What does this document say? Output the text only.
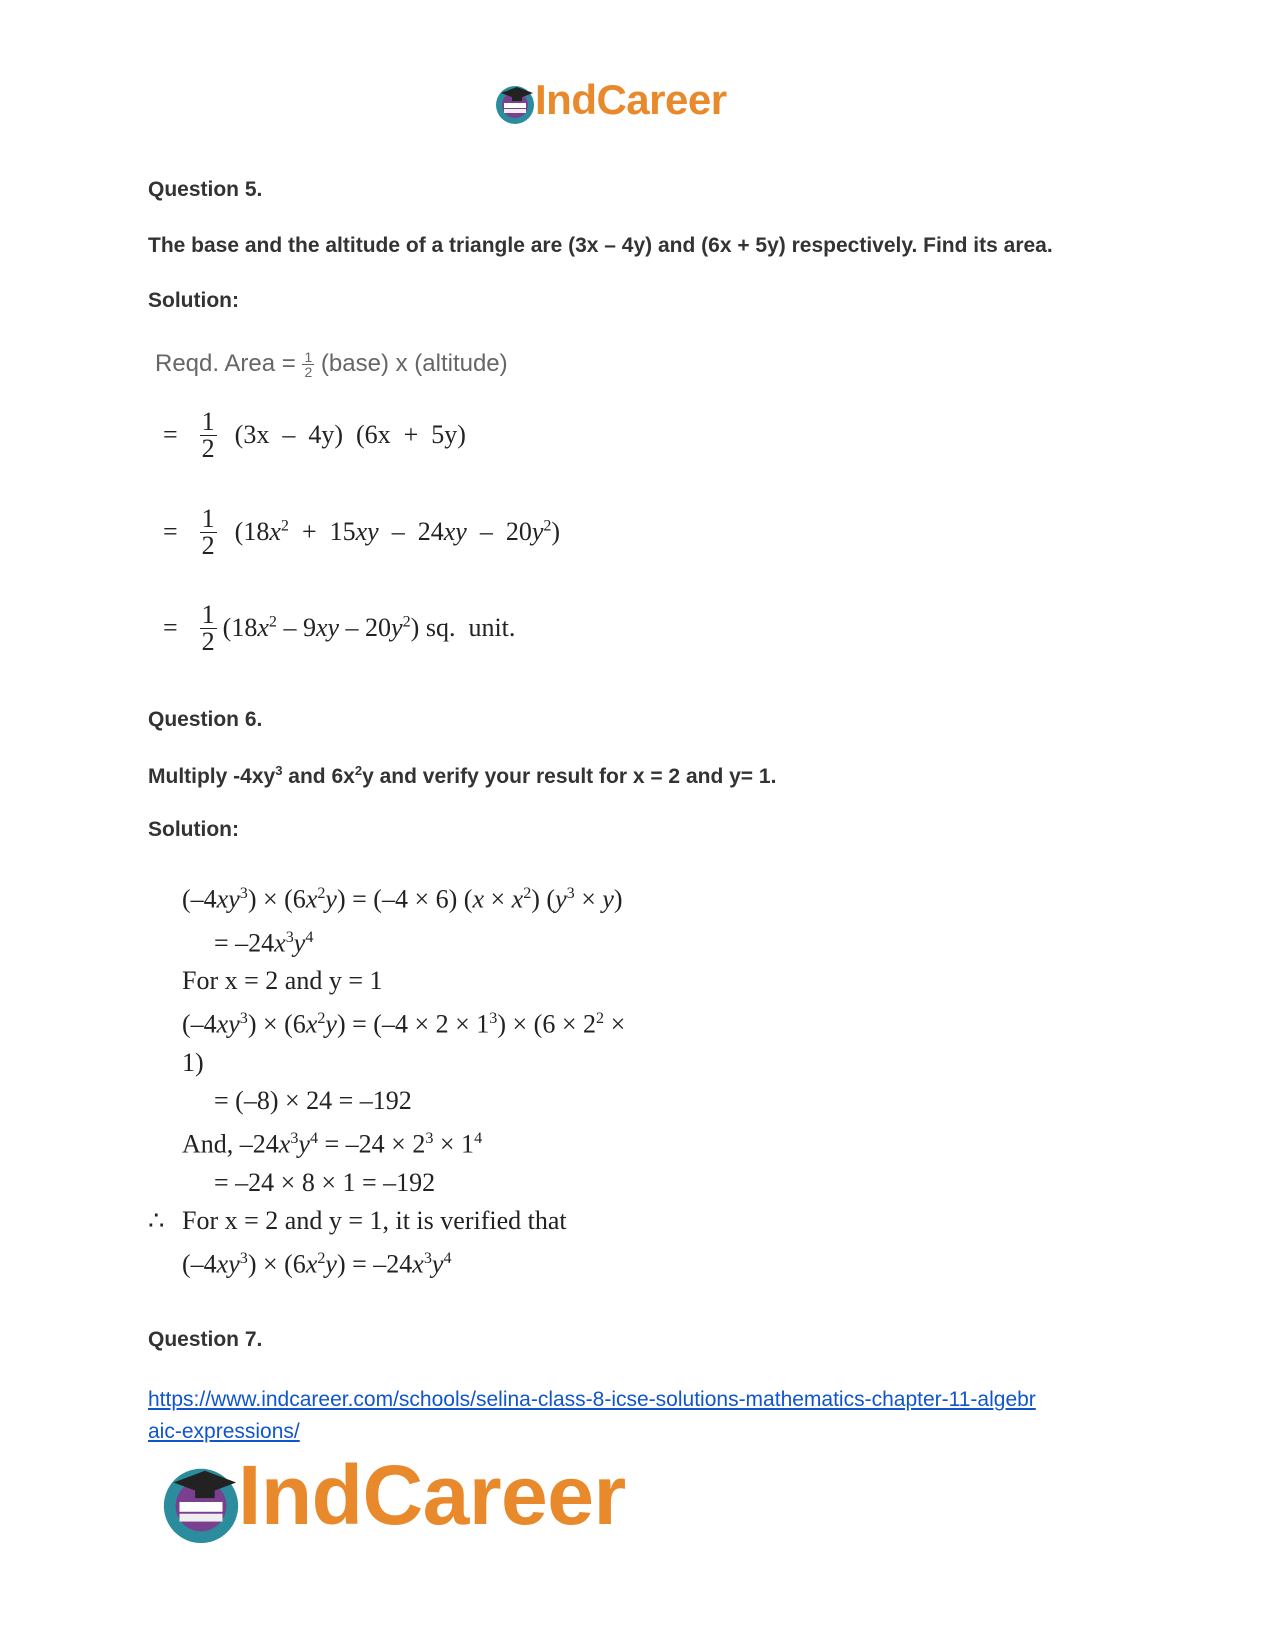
IndCareer
Question 5.
The base and the altitude of a triangle are (3x – 4y) and (6x + 5y) respectively. Find its area.
Solution:
Reqd. Area = $\frac{1}{2}$ (base) x (altitude)
= $\frac{1}{2} (3x - 4y) (6x + 5y)$
= $\frac{1}{2} (18x^2 + 15xy - 24xy - 20y^2)$
= $\frac{1}{2} (18x^2 - 9xy - 20y^2)$ sq.  unit.
Question 6.
Multiply $-4xy^3$ and $6x^2y$ and verify your result for x = 2 and y= 1.
Solution:
$(-4xy^3) \times (6x^2y) = (-4 \times 6) (x \times x^2) (y^3 \times y)$
= $-24x^3y^4$
For x = 2 and y = 1
$(-4xy^3) \times (6x^2y) = (-4 \times 2 \times 1^3) \times (6 \times 2^2$ ×
1)
= (–8) × 24 = –192
And, $-24x^3y^4 = -24 \times 2^3 \times 1^4$
= –24 × 8 × 1 = –192
∴ For x = 2 and y = 1, it is verified that
$(-4xy^3) \times (6x^2y) = -24x^3y^4$
Question 7.
https://www.indcareer.com/schools/selina-class-8-icse-solutions-mathematics-chapter-11-algebr
aic-expressions/
IndCareer
